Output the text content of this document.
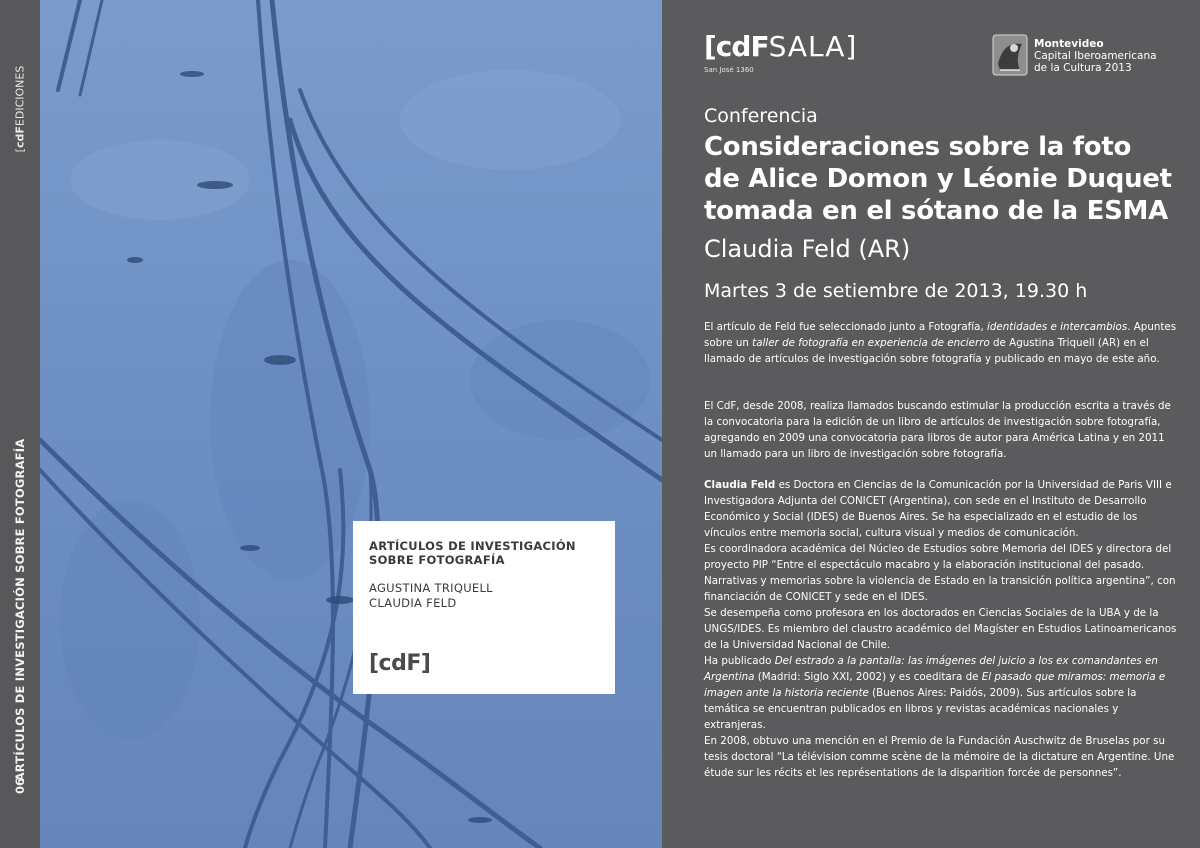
[cdFEDICIONES
ARTÍCULOS DE INVESTIGACIÓN SOBRE FOTOGRAFÍA
06
ARTÍCULOS DE INVESTIGACIÓN SOBRE FOTOGRAFÍA
AGUSTINA TRIQUELL
CLAUDIA FELD
[cdF]
[cdFSALA]
San José 1360
Montevideo
Capital Iberoamericana
de la Cultura 2013
Conferencia
Consideraciones sobre la foto
de Alice Domon y Léonie Duquet
tomada en el sótano de la ESMA
Claudia Feld (AR)
Martes 3 de setiembre de 2013, 19.30 h
El artículo de Feld fue seleccionado junto a Fotografía, identidades e intercambios. Apuntes sobre un taller de fotografía en experiencia de encierro de Agustina Triquell (AR) en el llamado de artículos de investigación sobre fotografía y publicado en mayo de este año.
El CdF, desde 2008, realiza llamados buscando estimular la producción escrita a través de la convocatoria para la edición de un libro de artículos de investigación sobre fotografía, agregando en 2009 una convocatoria para libros de autor para América Latina y en 2011 un llamado para un libro de investigación sobre fotografía.
Claudia Feld es Doctora en Ciencias de la Comunicación por la Universidad de Paris VIII e Investigadora Adjunta del CONICET (Argentina), con sede en el Instituto de Desarrollo Económico y Social (IDES) de Buenos Aires. Se ha especializado en el estudio de los vínculos entre memoria social, cultura visual y medios de comunicación.
Es coordinadora académica del Núcleo de Estudios sobre Memoria del IDES y directora del proyecto PIP “Entre el espectáculo macabro y la elaboración institucional del pasado. Narrativas y memorias sobre la violencia de Estado en la transición política argentina”, con financiación de CONICET y sede en el IDES.
Se desempeña como profesora en los doctorados en Ciencias Sociales de la UBA y de la UNGS/IDES. Es miembro del claustro académico del Magíster en Estudios Latinoamericanos de la Universidad Nacional de Chile.
Ha publicado Del estrado a la pantalla: las imágenes del juicio a los ex comandantes en Argentina (Madrid: Siglo XXI, 2002) y es coeditara de El pasado que miramos: memoria e imagen ante la historia reciente (Buenos Aires: Paidós, 2009). Sus artículos sobre la temática se encuentran publicados en libros y revistas académicas nacionales y extranjeras.
En 2008, obtuvo una mención en el Premio de la Fundación Auschwitz de Bruselas por su tesis doctoral “La télévision comme scène de la mémoire de la dictature en Argentine. Une étude sur les récits et les représentations de la disparition forcée de personnes”.
